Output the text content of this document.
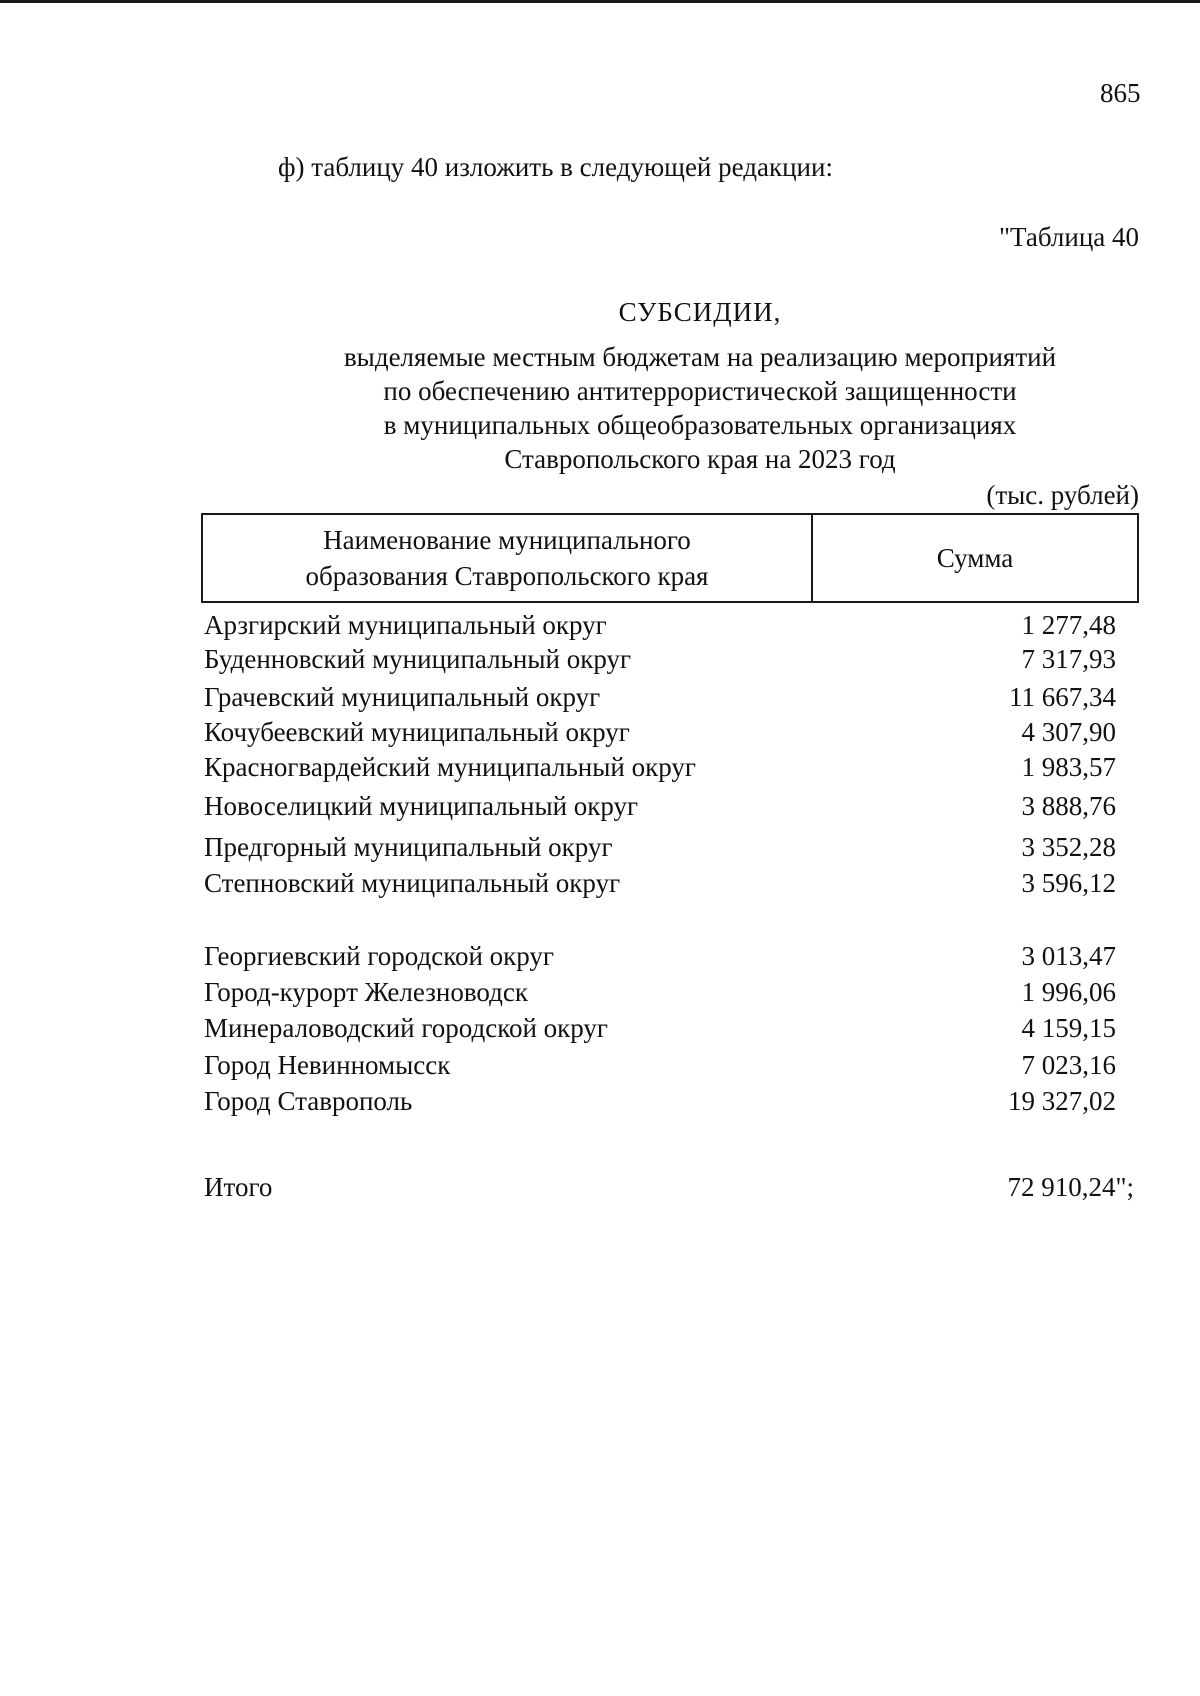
865
ф) таблицу 40 изложить в следующей редакции:
"Таблица 40
СУБСИДИИ,
выделяемые местным бюджетам на реализацию мероприятий
по обеспечению антитеррористической защищенности
в муниципальных общеобразовательных организациях
Ставропольского края на 2023 год
(тыс. рублей)
Наименование муниципального
образования Ставропольского края
Сумма
Арзгирский муниципальный округ	1 277,48
Буденновский муниципальный округ	7 317,93
Грачевский муниципальный округ	11 667,34
Кочубеевский муниципальный округ	4 307,90
Красногвардейский муниципальный округ	1 983,57
Новоселицкий муниципальный округ	3 888,76
Предгорный муниципальный округ	3 352,28
Степновский муниципальный округ	3 596,12
Георгиевский городской округ	3 013,47
Город-курорт Железноводск	1 996,06
Минераловодский городской округ	4 159,15
Город Невинномысск	7 023,16
Город Ставрополь	19 327,02
Итого	72 910,24";
